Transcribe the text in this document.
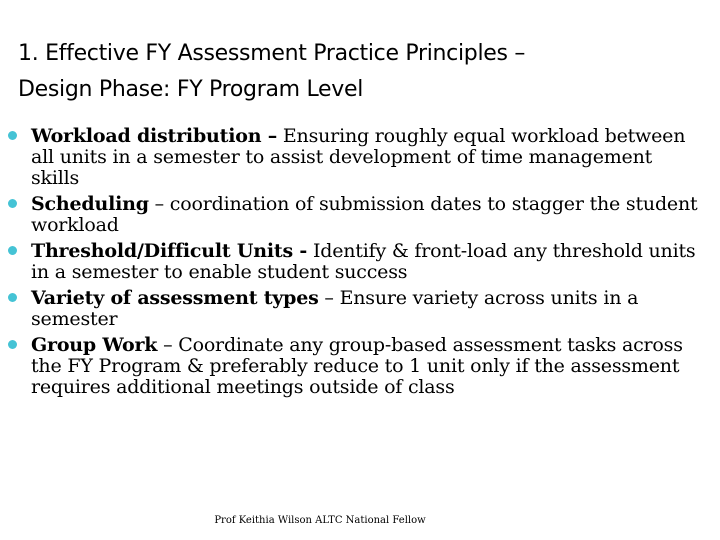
1. Effective FY Assessment Practice Principles –
Design Phase: FY Program Level
Workload distribution – Ensuring roughly equal workload between all units in a semester to assist development of time management skills
Scheduling – coordination of submission dates to stagger the student workload
Threshold/Difficult Units - Identify & front-load any threshold units in a semester to enable student success
Variety of assessment types – Ensure variety across units in a semester
Group Work – Coordinate any group-based assessment tasks across the FY Program & preferably reduce to 1 unit only if the assessment requires additional meetings outside of class
Prof Keithia Wilson ALTC National Fellow
